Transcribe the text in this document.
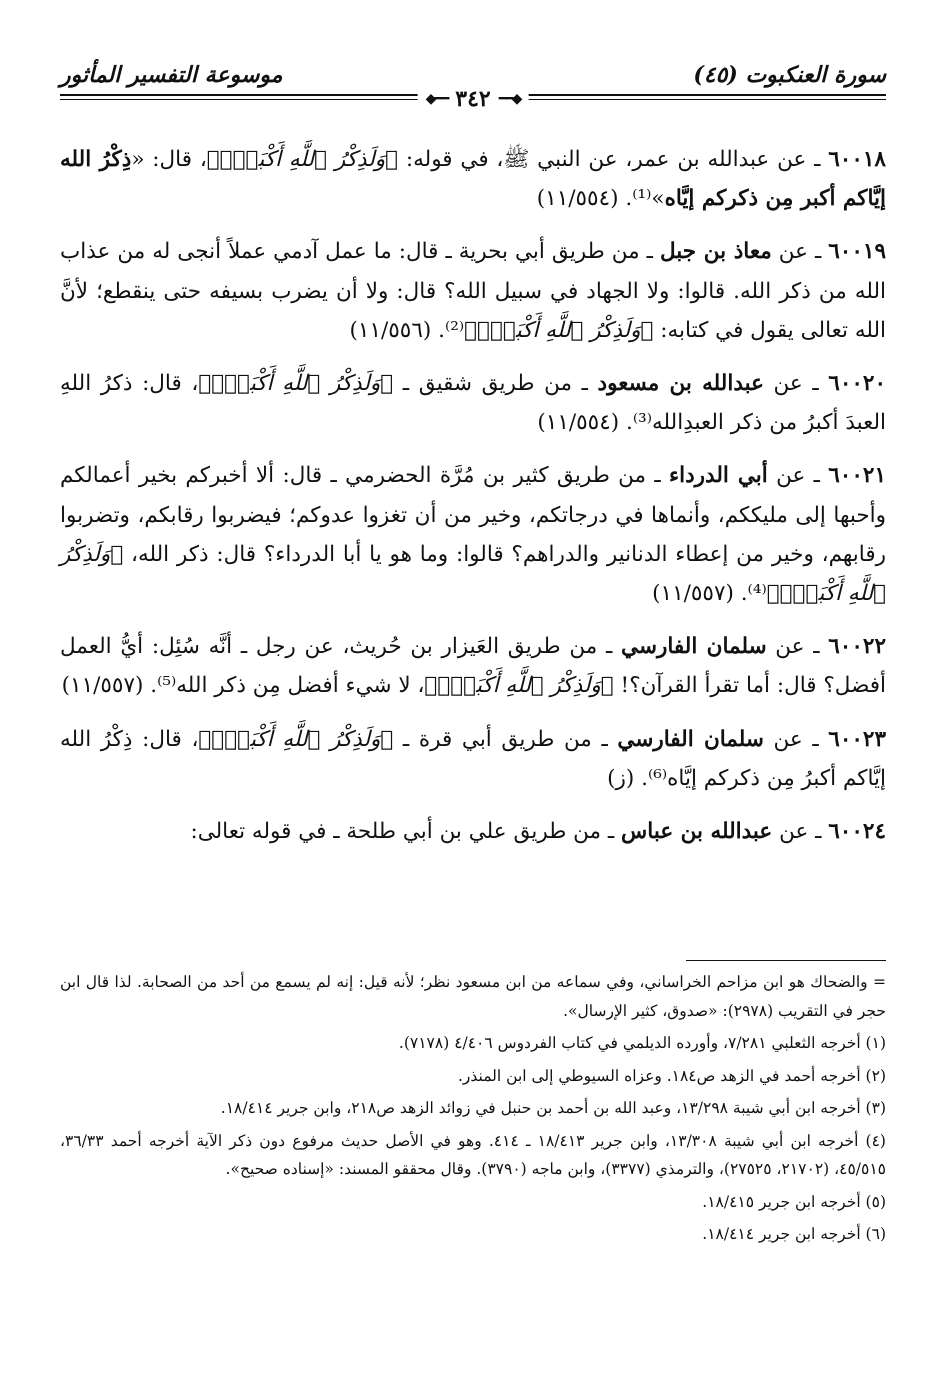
موسوعة التفسير المأثور	سورة العنكبوت (٤٥)
◆━━ ٣٤٢ ━━◆

٦٠٠١٨ ـ عن عبدالله بن عمر، عن النبي ﷺ، في قوله: ﴿وَلَذِكْرُ ٱللَّهِ أَكْبَرُۗ﴾، قال: «ذِكْرُ الله إيَّاكم أكبر مِن ذكركم إيَّاه»⁽¹⁾. (١١/٥٥٤)

٦٠٠١٩ ـ عن معاذ بن جبل ـ من طريق أبي بحرية ـ قال: ما عمل آدمي عملاً أنجى له من عذاب الله من ذكر الله. قالوا: ولا الجهاد في سبيل الله؟ قال: ولا أن يضرب بسيفه حتى ينقطع؛ لأنَّ الله تعالى يقول في كتابه: ﴿وَلَذِكْرُ ٱللَّهِ أَكْبَرُۗ﴾⁽²⁾. (١١/٥٥٦)

٦٠٠٢٠ ـ عن عبدالله بن مسعود ـ من طريق شقيق ـ ﴿وَلَذِكْرُ ٱللَّهِ أَكْبَرُۗ﴾، قال: ذكرُ اللهِ العبدَ أكبرُ من ذكر العبدِالله⁽³⁾. (١١/٥٥٤)

٦٠٠٢١ ـ عن أبي الدرداء ـ من طريق كثير بن مُرَّة الحضرمي ـ قال: ألا أخبركم بخير أعمالكم وأحبها إلى مليككم، وأنماها في درجاتكم، وخير من أن تغزوا عدوكم؛ فيضربوا رقابكم، وتضربوا رقابهم، وخير من إعطاء الدنانير والدراهم؟ قالوا: وما هو يا أبا الدرداء؟ قال: ذكر الله، ﴿وَلَذِكْرُ ٱللَّهِ أَكْبَرُۗ﴾⁽⁴⁾. (١١/٥٥٧)

٦٠٠٢٢ ـ عن سلمان الفارسي ـ من طريق العَيزار بن حُريث، عن رجل ـ أنَّه سُئِل: أيُّ العمل أفضل؟ قال: أما تقرأ القرآن؟! ﴿وَلَذِكْرُ ٱللَّهِ أَكْبَرُۗ﴾، لا شيء أفضل مِن ذكر الله⁽⁵⁾. (١١/٥٥٧)

٦٠٠٢٣ ـ عن سلمان الفارسي ـ من طريق أبي قرة ـ ﴿وَلَذِكْرُ ٱللَّهِ أَكْبَرُۗ﴾، قال: ذِكْرُ الله إيَّاكم أكبرُ مِن ذكركم إيَّاه⁽⁶⁾. (ز)

٦٠٠٢٤ ـ عن عبدالله بن عباس ـ من طريق علي بن أبي طلحة ـ في قوله تعالى:

= والضحاك هو ابن مزاحم الخراساني، وفي سماعه من ابن مسعود نظر؛ لأنه قيل: إنه لم يسمع من أحد من الصحابة. لذا قال ابن حجر في التقريب (٢٩٧٨): «صدوق، كثير الإرسال».

(١) أخرجه الثعلبي ٧/٢٨١، وأورده الديلمي في كتاب الفردوس ٤/٤٠٦ (٧١٧٨).

(٢) أخرجه أحمد في الزهد ص١٨٤. وعزاه السيوطي إلى ابن المنذر.

(٣) أخرجه ابن أبي شيبة ١٣/٢٩٨، وعبد الله بن أحمد بن حنبل في زوائد الزهد ص٢١٨، وابن جرير ١٨/٤١٤.

(٤) أخرجه ابن أبي شيبة ١٣/٣٠٨، وابن جرير ١٨/٤١٣ ـ ٤١٤. وهو في الأصل حديث مرفوع دون ذكر الآية أخرجه أحمد ٣٦/٣٣، ٤٥/٥١٥، (٢١٧٠٢، ٢٧٥٢٥)، والترمذي (٣٣٧٧)، وابن ماجه (٣٧٩٠). وقال محققو المسند: «إسناده صحيح».

(٥) أخرجه ابن جرير ١٨/٤١٥.

(٦) أخرجه ابن جرير ١٨/٤١٤.
